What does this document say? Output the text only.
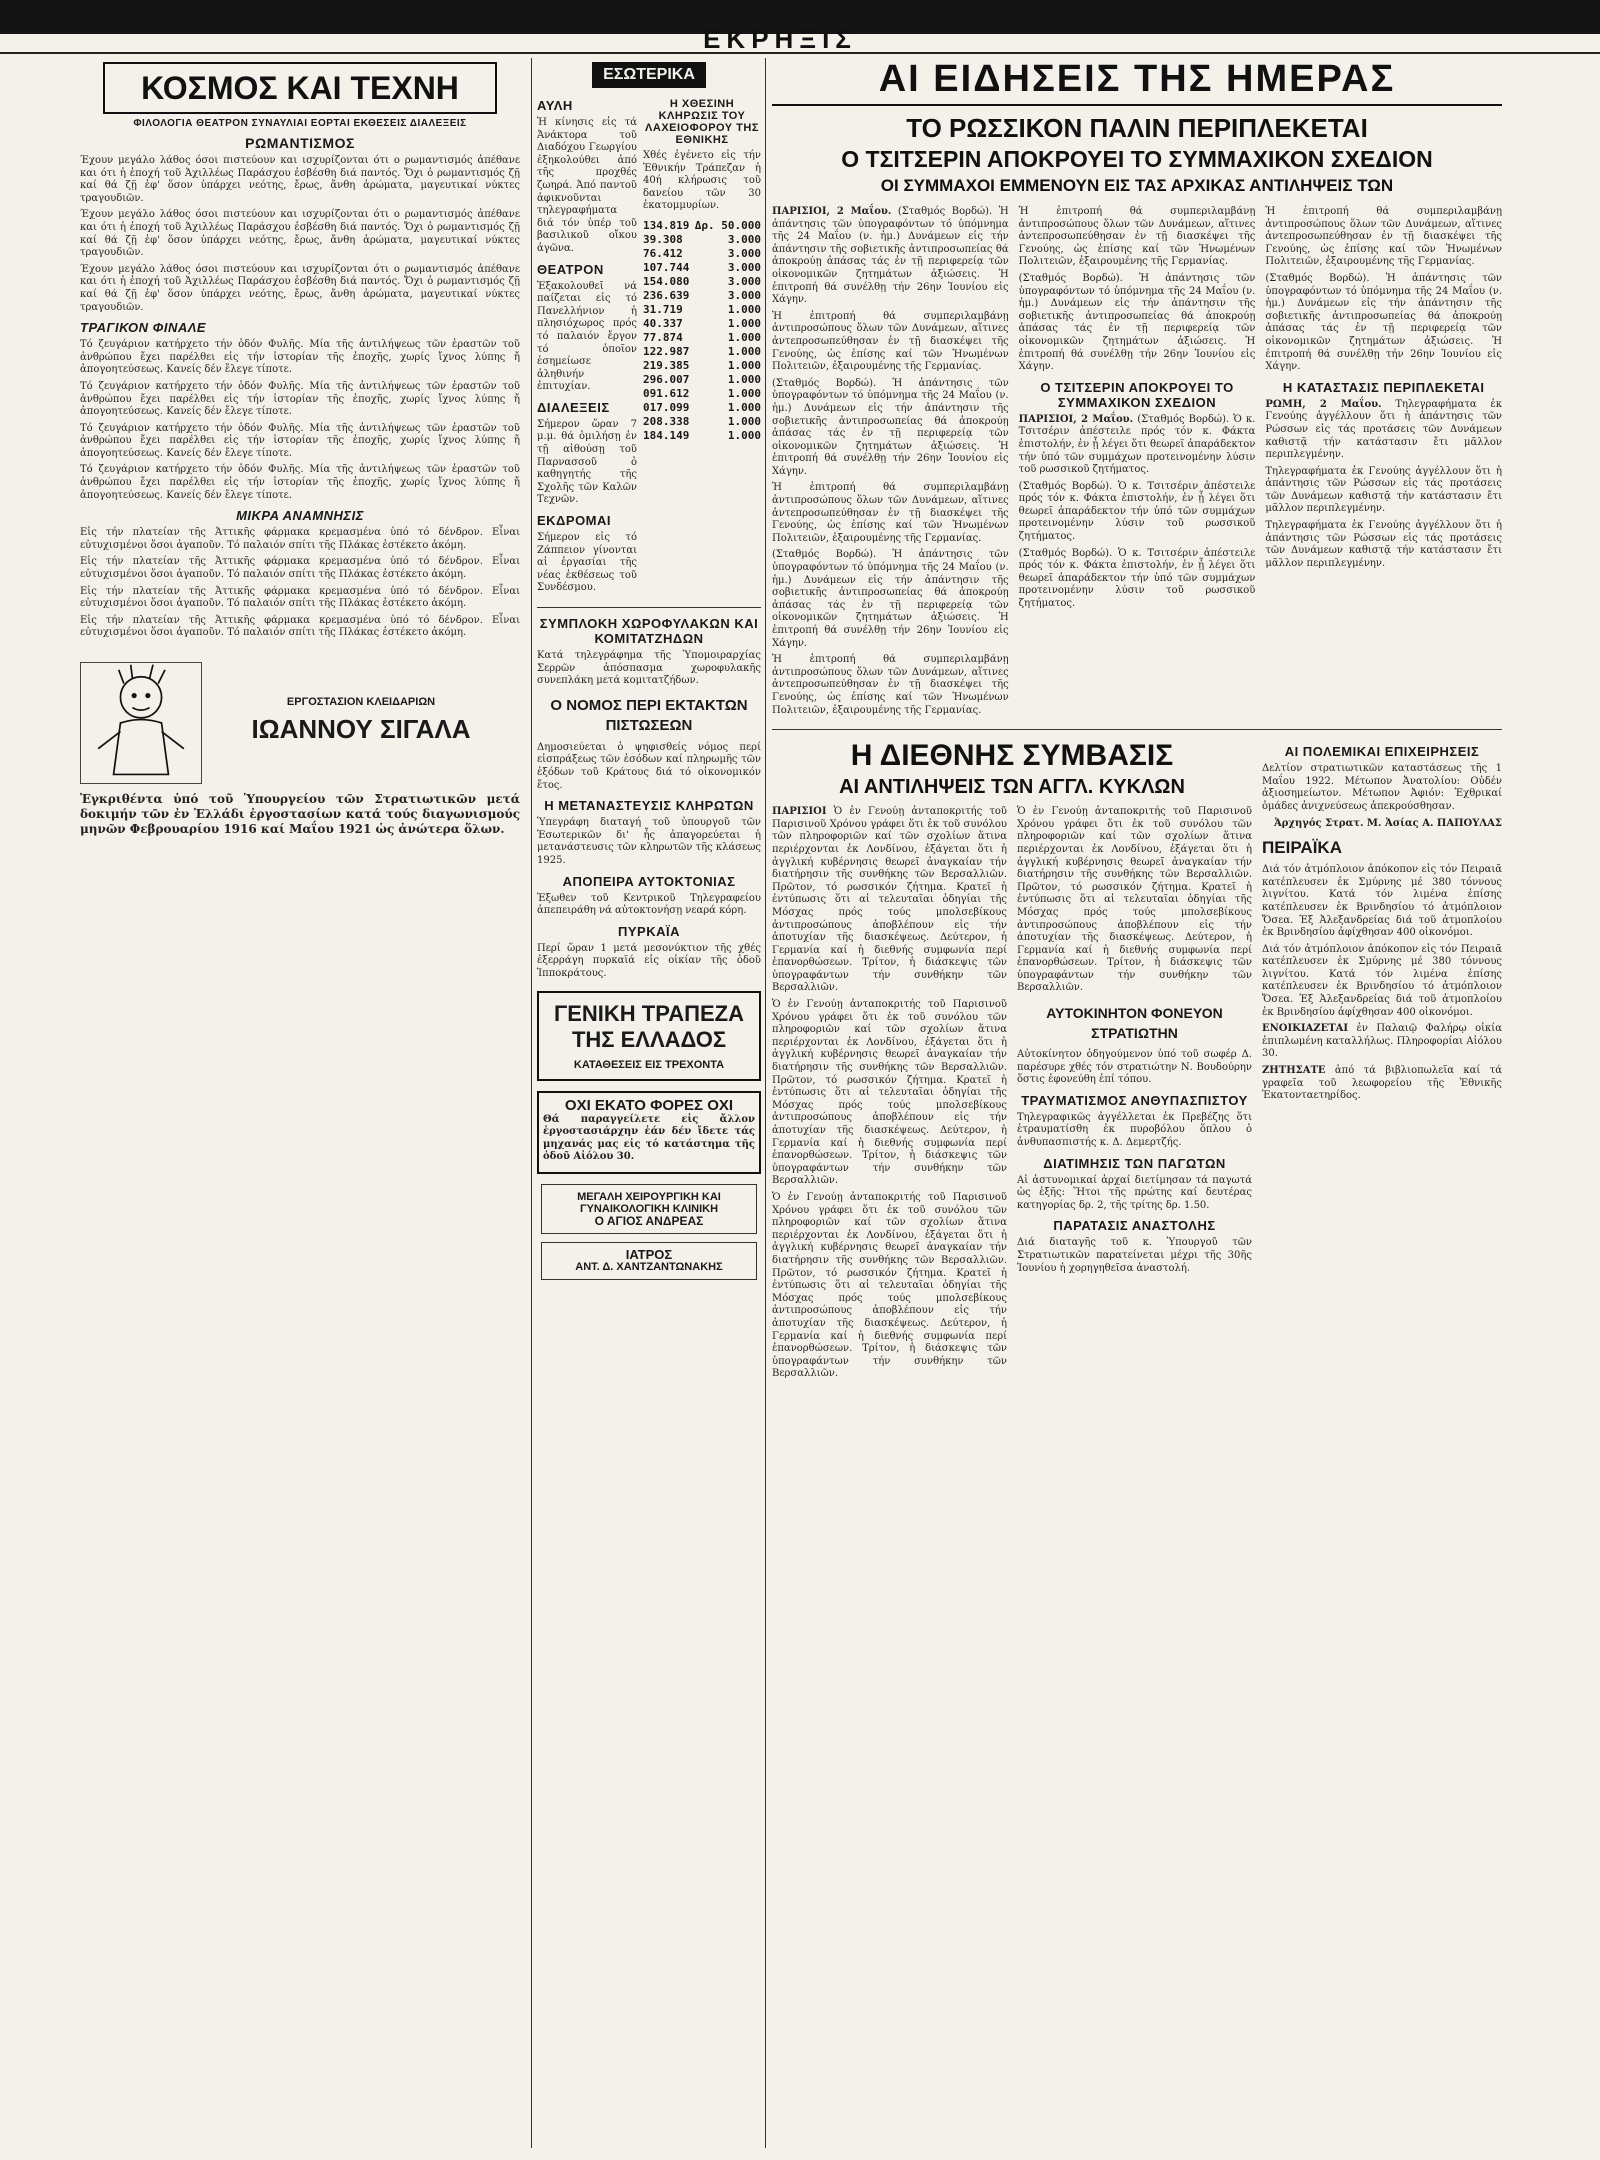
ΕΚΡΗΞΙΣ
ΚΟΣΜΟΣ ΚΑΙ ΤΕΧΝΗ
ΦΙΛΟΛΟΓΙΑ ΘΕΑΤΡΟΝ ΣΥΝΑΥΛΙΑΙ ΕΟΡΤΑΙ ΕΚΘΕΣΕΙΣ ΔΙΑΛΕΞΕΙΣ
ΡΩΜΑΝΤΙΣΜΟΣ

Έχουν μεγάλο λάθος όσοι πιστεύουν και ισχυρίζονται ότι ο ρωμαντισμός ἀπέθανε και ότι ἡ ἐποχή τοῦ Ἀχιλλέως Παράσχου ἐσβέσθη διά παντός. Ὄχι ὁ ρωμαντισμός ζῇ καί θά ζῇ ἐφ' ὅσον ὑπάρχει νεότης, ἔρως, ἄνθη ἀρώματα, μαγευτικαί νύκτες τραγουδιῶν.

Έχουν μεγάλο λάθος όσοι πιστεύουν και ισχυρίζονται ότι ο ρωμαντισμός ἀπέθανε και ότι ἡ ἐποχή τοῦ Ἀχιλλέως Παράσχου ἐσβέσθη διά παντός. Ὄχι ὁ ρωμαντισμός ζῇ καί θά ζῇ ἐφ' ὅσον ὑπάρχει νεότης, ἔρως, ἄνθη ἀρώματα, μαγευτικαί νύκτες τραγουδιῶν.

Έχουν μεγάλο λάθος όσοι πιστεύουν και ισχυρίζονται ότι ο ρωμαντισμός ἀπέθανε και ότι ἡ ἐποχή τοῦ Ἀχιλλέως Παράσχου ἐσβέσθη διά παντός. Ὄχι ὁ ρωμαντισμός ζῇ καί θά ζῇ ἐφ' ὅσον ὑπάρχει νεότης, ἔρως, ἄνθη ἀρώματα, μαγευτικαί νύκτες τραγουδιῶν.

ΤΡΑΓΙΚΟΝ ΦΙΝΑΛΕ

Τό ζευγάριον κατήρχετο τήν ὁδόν Φυλῆς. Μία τῆς ἀντιλήψεως τῶν ἐραστῶν τοῦ ἀνθρώπου ἔχει παρέλθει εἰς τήν ἱστορίαν τῆς ἐποχῆς, χωρίς ἴχνος λύπης ἤ ἀπογοητεύσεως. Κανείς δέν ἔλεγε τίποτε.

Τό ζευγάριον κατήρχετο τήν ὁδόν Φυλῆς. Μία τῆς ἀντιλήψεως τῶν ἐραστῶν τοῦ ἀνθρώπου ἔχει παρέλθει εἰς τήν ἱστορίαν τῆς ἐποχῆς, χωρίς ἴχνος λύπης ἤ ἀπογοητεύσεως. Κανείς δέν ἔλεγε τίποτε.

Τό ζευγάριον κατήρχετο τήν ὁδόν Φυλῆς. Μία τῆς ἀντιλήψεως τῶν ἐραστῶν τοῦ ἀνθρώπου ἔχει παρέλθει εἰς τήν ἱστορίαν τῆς ἐποχῆς, χωρίς ἴχνος λύπης ἤ ἀπογοητεύσεως. Κανείς δέν ἔλεγε τίποτε.

Τό ζευγάριον κατήρχετο τήν ὁδόν Φυλῆς. Μία τῆς ἀντιλήψεως τῶν ἐραστῶν τοῦ ἀνθρώπου ἔχει παρέλθει εἰς τήν ἱστορίαν τῆς ἐποχῆς, χωρίς ἴχνος λύπης ἤ ἀπογοητεύσεως. Κανείς δέν ἔλεγε τίποτε.

ΜΙΚΡΑ ΑΝΑΜΝΗΣΙΣ

Εἰς τήν πλατείαν τῆς Ἀττικῆς φάρμακα κρεμασμένα ὑπό τό δένδρον. Εἶναι εὐτυχισμένοι ὅσοι ἀγαποῦν. Τό παλαιόν σπίτι τῆς Πλάκας ἐστέκετο ἀκόμη.

Εἰς τήν πλατείαν τῆς Ἀττικῆς φάρμακα κρεμασμένα ὑπό τό δένδρον. Εἶναι εὐτυχισμένοι ὅσοι ἀγαποῦν. Τό παλαιόν σπίτι τῆς Πλάκας ἐστέκετο ἀκόμη.

Εἰς τήν πλατείαν τῆς Ἀττικῆς φάρμακα κρεμασμένα ὑπό τό δένδρον. Εἶναι εὐτυχισμένοι ὅσοι ἀγαποῦν. Τό παλαιόν σπίτι τῆς Πλάκας ἐστέκετο ἀκόμη.

Εἰς τήν πλατείαν τῆς Ἀττικῆς φάρμακα κρεμασμένα ὑπό τό δένδρον. Εἶναι εὐτυχισμένοι ὅσοι ἀγαποῦν. Τό παλαιόν σπίτι τῆς Πλάκας ἐστέκετο ἀκόμη.

ΕΡΓΟΣΤΑΣΙΟΝ ΚΛΕΙΔΑΡΙΩΝ
ΙΩΑΝΝΟΥ ΣΙΓΑΛΑ

Ἐγκριθέντα ὑπό τοῦ Ὑπουργείου τῶν Στρατιωτικῶν μετά δοκιμήν τῶν ἐν Ἑλλάδι ἐργοστασίων κατά τούς διαγωνισμούς μηνῶν Φεβρουαρίου 1916 καί Μαΐου 1921 ὡς ἀνώτερα ὅλων.

ΕΣΩΤΕΡΙΚΑ
ΑΥΛΗ

Ἡ κίνησις εἰς τά Ἀνάκτορα τοῦ Διαδόχου Γεωργίου ἐξηκολούθει ἀπό τῆς προχθές ζωηρά. Ἀπό παντοῦ ἀφικνοῦνται τηλεγραφήματα διά τόν ὑπέρ τοῦ βασιλικοῦ οἴκου ἀγῶνα.

ΘΕΑΤΡΟΝ

Ἐξακολουθεῖ νά παίζεται εἰς τό Πανελλήνιον ἡ πλησιόχωρος πρός τό παλαιόν ἔργον τό ὁποῖον ἐσημείωσε ἀληθινήν ἐπιτυχίαν.

ΔΙΑΛΕΞΕΙΣ

Σήμερον ὥραν 7 μ.μ. θά ὁμιλήσῃ ἐν τῇ αἰθούσῃ τοῦ Παρνασσοῦ ὁ καθηγητής τῆς Σχολῆς τῶν Καλῶν Τεχνῶν.

ΕΚΔΡΟΜΑΙ

Σήμερον εἰς τό Ζάππειον γίνονται αἱ ἐργασίαι τῆς νέας ἐκθέσεως τοῦ Συνδέσμου.

Η ΧΘΕΣΙΝΗ ΚΛΗΡΩΣΙΣ ΤΟΥ ΛΑΧΕΙΟΦΟΡΟΥ ΤΗΣ ΕΘΝΙΚΗΣ

Χθές ἐγένετο εἰς τήν Ἐθνικήν Τράπεζαν ἡ 40ή κλήρωσις τοῦ δανείου τῶν 30 ἑκατομμυρίων.

134.819 Δρ. 50.000
39.308	3.000
76.412	3.000
107.744	3.000
154.080	3.000
236.639	3.000
31.719	1.000
40.337	1.000
77.874	1.000
122.987	1.000
219.385	1.000
296.007	1.000
091.612	1.000
017.099	1.000
208.338	1.000
184.149	1.000
ΣΥΜΠΛΟΚΗ ΧΩΡΟΦΥΛΑΚΩΝ ΚΑΙ ΚΟΜΙΤΑΤΖΗΔΩΝ

Κατά τηλεγράφημα τῆς Ὑπομοιραρχίας Σερρῶν ἀπόσπασμα χωροφυλακῆς συνεπλάκη μετά κομιτατζήδων.

Ο ΝΟΜΟΣ ΠΕΡΙ ΕΚΤΑΚΤΩΝ ΠΙΣΤΩΣΕΩΝ

Δημοσιεύεται ὁ ψηφισθείς νόμος περί εἰσπράξεως τῶν ἐσόδων καί πληρωμῆς τῶν ἐξόδων τοῦ Κράτους διά τό οἰκονομικόν ἔτος.

Η ΜΕΤΑΝΑΣΤΕΥΣΙΣ ΚΛΗΡΩΤΩΝ

Ὑπεγράφη διαταγή τοῦ ὑπουργοῦ τῶν Ἐσωτερικῶν δι' ἧς ἀπαγορεύεται ἡ μετανάστευσις τῶν κληρωτῶν τῆς κλάσεως 1925.

ΑΠΟΠΕΙΡΑ ΑΥΤΟΚΤΟΝΙΑΣ

Ἐξωθεν τοῦ Κεντρικοῦ Τηλεγραφείου ἀπεπειράθη νά αὐτοκτονήσῃ νεαρά κόρη.

ΠΥΡΚΑΪΑ

Περί ὥραν 1 μετά μεσονύκτιον τῆς χθές ἐξερράγη πυρκαϊά εἰς οἰκίαν τῆς ὁδοῦ Ἱπποκράτους.

ΓΕΝΙΚΗ ΤΡΑΠΕΖΑ ΤΗΣ ΕΛΛΑΔΟΣ
ΚΑΤΑΘΕΣΕΙΣ ΕΙΣ ΤΡΕΧΟΝΤΑ
ΟΧΙ ΕΚΑΤΟ ΦΟΡΕΣ ΟΧΙ

Θά παραγγείλετε εἰς ἄλλον ἐργοστασιάρχην ἐάν δέν ἴδετε τάς μηχανάς μας εἰς τό κατάστημα τῆς ὁδοῦ Αἰόλου 30.

ΜΕΓΑΛΗ ΧΕΙΡΟΥΡΓΙΚΗ ΚΑΙ ΓΥΝΑΙΚΟΛΟΓΙΚΗ ΚΛΙΝΙΚΗ
Ο ΑΓΙΟΣ ΑΝΔΡΕΑΣ
ΙΑΤΡΟΣ
ΑΝΤ. Δ. ΧΑΝΤΖΑΝΤΩΝΑΚΗΣ
ΑΙ ΕΙΔΗΣΕΙΣ ΤΗΣ ΗΜΕΡΑΣ
ΤΟ ΡΩΣΣΙΚΟΝ ΠΑΛΙΝ ΠΕΡΙΠΛΕΚΕΤΑΙ
Ο ΤΣΙΤΣΕΡΙΝ ΑΠΟΚΡΟΥΕΙ ΤΟ ΣΥΜΜΑΧΙΚΟΝ ΣΧΕΔΙΟΝ
ΟΙ ΣΥΜΜΑΧΟΙ ΕΜΜΕΝΟΥΝ ΕΙΣ ΤΑΣ ΑΡΧΙΚΑΣ ΑΝΤΙΛΗΨΕΙΣ ΤΩΝ

ΠΑΡΙΣΙΟΙ, 2 Μαΐου. (Σταθμός Βορδώ). Ἡ ἀπάντησις τῶν ὑπογραφόντων τό ὑπόμνημα τῆς 24 Μαΐου (ν. ἡμ.) Δυνάμεων εἰς τήν ἀπάντησιν τῆς σοβιετικῆς ἀντιπροσωπείας θά ἀποκρούῃ ἀπάσας τάς ἐν τῇ περιφερείᾳ τῶν οἰκονομικῶν ζητημάτων ἀξιώσεις. Ἡ ἐπιτροπή θά συνέλθῃ τήν 26ην Ἰουνίου εἰς Χάγην.

Ἡ ἐπιτροπή θά συμπεριλαμβάνῃ ἀντιπροσώπους ὅλων τῶν Δυνάμεων, αἵτινες ἀντεπροσωπεύθησαν ἐν τῇ διασκέψει τῆς Γενούης, ὡς ἐπίσης καί τῶν Ἡνωμένων Πολιτειῶν, ἐξαιρουμένης τῆς Γερμανίας.

(Σταθμός Βορδώ). Ἡ ἀπάντησις τῶν ὑπογραφόντων τό ὑπόμνημα τῆς 24 Μαΐου (ν. ἡμ.) Δυνάμεων εἰς τήν ἀπάντησιν τῆς σοβιετικῆς ἀντιπροσωπείας θά ἀποκρούῃ ἀπάσας τάς ἐν τῇ περιφερείᾳ τῶν οἰκονομικῶν ζητημάτων ἀξιώσεις. Ἡ ἐπιτροπή θά συνέλθῃ τήν 26ην Ἰουνίου εἰς Χάγην.

Ἡ ἐπιτροπή θά συμπεριλαμβάνῃ ἀντιπροσώπους ὅλων τῶν Δυνάμεων, αἵτινες ἀντεπροσωπεύθησαν ἐν τῇ διασκέψει τῆς Γενούης, ὡς ἐπίσης καί τῶν Ἡνωμένων Πολιτειῶν, ἐξαιρουμένης τῆς Γερμανίας.

(Σταθμός Βορδώ). Ἡ ἀπάντησις τῶν ὑπογραφόντων τό ὑπόμνημα τῆς 24 Μαΐου (ν. ἡμ.) Δυνάμεων εἰς τήν ἀπάντησιν τῆς σοβιετικῆς ἀντιπροσωπείας θά ἀποκρούῃ ἀπάσας τάς ἐν τῇ περιφερείᾳ τῶν οἰκονομικῶν ζητημάτων ἀξιώσεις. Ἡ ἐπιτροπή θά συνέλθῃ τήν 26ην Ἰουνίου εἰς Χάγην.

Ἡ ἐπιτροπή θά συμπεριλαμβάνῃ ἀντιπροσώπους ὅλων τῶν Δυνάμεων, αἵτινες ἀντεπροσωπεύθησαν ἐν τῇ διασκέψει τῆς Γενούης, ὡς ἐπίσης καί τῶν Ἡνωμένων Πολιτειῶν, ἐξαιρουμένης τῆς Γερμανίας.

Ἡ ἐπιτροπή θά συμπεριλαμβάνῃ ἀντιπροσώπους ὅλων τῶν Δυνάμεων, αἵτινες ἀντεπροσωπεύθησαν ἐν τῇ διασκέψει τῆς Γενούης, ὡς ἐπίσης καί τῶν Ἡνωμένων Πολιτειῶν, ἐξαιρουμένης τῆς Γερμανίας.

(Σταθμός Βορδώ). Ἡ ἀπάντησις τῶν ὑπογραφόντων τό ὑπόμνημα τῆς 24 Μαΐου (ν. ἡμ.) Δυνάμεων εἰς τήν ἀπάντησιν τῆς σοβιετικῆς ἀντιπροσωπείας θά ἀποκρούῃ ἀπάσας τάς ἐν τῇ περιφερείᾳ τῶν οἰκονομικῶν ζητημάτων ἀξιώσεις. Ἡ ἐπιτροπή θά συνέλθῃ τήν 26ην Ἰουνίου εἰς Χάγην.

Ο ΤΣΙΤΣΕΡΙΝ ΑΠΟΚΡΟΥΕΙ ΤΟ ΣΥΜΜΑΧΙΚΟΝ ΣΧΕΔΙΟΝ

ΠΑΡΙΣΙΟΙ, 2 Μαΐου. (Σταθμός Βορδώ). Ὁ κ. Τσιτσέριν ἀπέστειλε πρός τόν κ. Φάκτα ἐπιστολήν, ἐν ᾗ λέγει ὅτι θεωρεῖ ἀπαράδεκτον τήν ὑπό τῶν συμμάχων προτεινομένην λύσιν τοῦ ρωσσικοῦ ζητήματος.

(Σταθμός Βορδώ). Ὁ κ. Τσιτσέριν ἀπέστειλε πρός τόν κ. Φάκτα ἐπιστολήν, ἐν ᾗ λέγει ὅτι θεωρεῖ ἀπαράδεκτον τήν ὑπό τῶν συμμάχων προτεινομένην λύσιν τοῦ ρωσσικοῦ ζητήματος.

(Σταθμός Βορδώ). Ὁ κ. Τσιτσέριν ἀπέστειλε πρός τόν κ. Φάκτα ἐπιστολήν, ἐν ᾗ λέγει ὅτι θεωρεῖ ἀπαράδεκτον τήν ὑπό τῶν συμμάχων προτεινομένην λύσιν τοῦ ρωσσικοῦ ζητήματος.

Ἡ ἐπιτροπή θά συμπεριλαμβάνῃ ἀντιπροσώπους ὅλων τῶν Δυνάμεων, αἵτινες ἀντεπροσωπεύθησαν ἐν τῇ διασκέψει τῆς Γενούης, ὡς ἐπίσης καί τῶν Ἡνωμένων Πολιτειῶν, ἐξαιρουμένης τῆς Γερμανίας.

(Σταθμός Βορδώ). Ἡ ἀπάντησις τῶν ὑπογραφόντων τό ὑπόμνημα τῆς 24 Μαΐου (ν. ἡμ.) Δυνάμεων εἰς τήν ἀπάντησιν τῆς σοβιετικῆς ἀντιπροσωπείας θά ἀποκρούῃ ἀπάσας τάς ἐν τῇ περιφερείᾳ τῶν οἰκονομικῶν ζητημάτων ἀξιώσεις. Ἡ ἐπιτροπή θά συνέλθῃ τήν 26ην Ἰουνίου εἰς Χάγην.

Η ΚΑΤΑΣΤΑΣΙΣ ΠΕΡΙΠΛΕΚΕΤΑΙ

ΡΩΜΗ, 2 Μαΐου. Τηλεγραφήματα ἐκ Γενούης ἀγγέλλουν ὅτι ἡ ἀπάντησις τῶν Ρώσσων εἰς τάς προτάσεις τῶν Δυνάμεων καθιστᾷ τήν κατάστασιν ἔτι μᾶλλον περιπλεγμένην.

Τηλεγραφήματα ἐκ Γενούης ἀγγέλλουν ὅτι ἡ ἀπάντησις τῶν Ρώσσων εἰς τάς προτάσεις τῶν Δυνάμεων καθιστᾷ τήν κατάστασιν ἔτι μᾶλλον περιπλεγμένην.

Τηλεγραφήματα ἐκ Γενούης ἀγγέλλουν ὅτι ἡ ἀπάντησις τῶν Ρώσσων εἰς τάς προτάσεις τῶν Δυνάμεων καθιστᾷ τήν κατάστασιν ἔτι μᾶλλον περιπλεγμένην.

Η ΔΙΕΘΝΗΣ ΣΥΜΒΑΣΙΣ
ΑΙ ΑΝΤΙΛΗΨΕΙΣ ΤΩΝ ΑΓΓΛ. ΚΥΚΛΩΝ

ΠΑΡΙΣΙΟΙ Ὁ ἐν Γενούῃ ἀνταποκριτής τοῦ Παρισινοῦ Χρόνου γράφει ὅτι ἐκ τοῦ συνόλου τῶν πληροφοριῶν καί τῶν σχολίων ἅτινα περιέρχονται ἐκ Λονδίνου, ἐξάγεται ὅτι ἡ ἀγγλική κυβέρνησις θεωρεῖ ἀναγκαίαν τήν διατήρησιν τῆς συνθήκης τῶν Βερσαλλιῶν. Πρῶτον, τό ρωσσικόν ζήτημα. Κρατεῖ ἡ ἐντύπωσις ὅτι αἱ τελευταῖαι ὁδηγίαι τῆς Μόσχας πρός τούς μπολσεβίκους ἀντιπροσώπους ἀποβλέπουν εἰς τήν ἀποτυχίαν τῆς διασκέψεως. Δεύτερον, ἡ Γερμανία καί ἡ διεθνής συμφωνία περί ἐπανορθώσεων. Τρίτον, ἡ διάσκεψις τῶν ὑπογραφάντων τήν συνθήκην τῶν Βερσαλλιῶν.

Ὁ ἐν Γενούῃ ἀνταποκριτής τοῦ Παρισινοῦ Χρόνου γράφει ὅτι ἐκ τοῦ συνόλου τῶν πληροφοριῶν καί τῶν σχολίων ἅτινα περιέρχονται ἐκ Λονδίνου, ἐξάγεται ὅτι ἡ ἀγγλική κυβέρνησις θεωρεῖ ἀναγκαίαν τήν διατήρησιν τῆς συνθήκης τῶν Βερσαλλιῶν. Πρῶτον, τό ρωσσικόν ζήτημα. Κρατεῖ ἡ ἐντύπωσις ὅτι αἱ τελευταῖαι ὁδηγίαι τῆς Μόσχας πρός τούς μπολσεβίκους ἀντιπροσώπους ἀποβλέπουν εἰς τήν ἀποτυχίαν τῆς διασκέψεως. Δεύτερον, ἡ Γερμανία καί ἡ διεθνής συμφωνία περί ἐπανορθώσεων. Τρίτον, ἡ διάσκεψις τῶν ὑπογραφάντων τήν συνθήκην τῶν Βερσαλλιῶν.

Ὁ ἐν Γενούῃ ἀνταποκριτής τοῦ Παρισινοῦ Χρόνου γράφει ὅτι ἐκ τοῦ συνόλου τῶν πληροφοριῶν καί τῶν σχολίων ἅτινα περιέρχονται ἐκ Λονδίνου, ἐξάγεται ὅτι ἡ ἀγγλική κυβέρνησις θεωρεῖ ἀναγκαίαν τήν διατήρησιν τῆς συνθήκης τῶν Βερσαλλιῶν. Πρῶτον, τό ρωσσικόν ζήτημα. Κρατεῖ ἡ ἐντύπωσις ὅτι αἱ τελευταῖαι ὁδηγίαι τῆς Μόσχας πρός τούς μπολσεβίκους ἀντιπροσώπους ἀποβλέπουν εἰς τήν ἀποτυχίαν τῆς διασκέψεως. Δεύτερον, ἡ Γερμανία καί ἡ διεθνής συμφωνία περί ἐπανορθώσεων. Τρίτον, ἡ διάσκεψις τῶν ὑπογραφάντων τήν συνθήκην τῶν Βερσαλλιῶν.

Ὁ ἐν Γενούῃ ἀνταποκριτής τοῦ Παρισινοῦ Χρόνου γράφει ὅτι ἐκ τοῦ συνόλου τῶν πληροφοριῶν καί τῶν σχολίων ἅτινα περιέρχονται ἐκ Λονδίνου, ἐξάγεται ὅτι ἡ ἀγγλική κυβέρνησις θεωρεῖ ἀναγκαίαν τήν διατήρησιν τῆς συνθήκης τῶν Βερσαλλιῶν. Πρῶτον, τό ρωσσικόν ζήτημα. Κρατεῖ ἡ ἐντύπωσις ὅτι αἱ τελευταῖαι ὁδηγίαι τῆς Μόσχας πρός τούς μπολσεβίκους ἀντιπροσώπους ἀποβλέπουν εἰς τήν ἀποτυχίαν τῆς διασκέψεως. Δεύτερον, ἡ Γερμανία καί ἡ διεθνής συμφωνία περί ἐπανορθώσεων. Τρίτον, ἡ διάσκεψις τῶν ὑπογραφάντων τήν συνθήκην τῶν Βερσαλλιῶν.

ΑΥΤΟΚΙΝΗΤΟΝ ΦΟΝΕΥΟΝ ΣΤΡΑΤΙΩΤΗΝ

Αὐτοκίνητον ὁδηγούμενον ὑπό τοῦ σωφέρ Δ. παρέσυρε χθές τόν στρατιώτην Ν. Βουδούρην ὅστις ἐφονεύθη ἐπί τόπου.

ΤΡΑΥΜΑΤΙΣΜΟΣ ΑΝΘΥΠΑΣΠΙΣΤΟΥ

Τηλεγραφικῶς ἀγγέλλεται ἐκ Πρεβέζης ὅτι ἐτραυματίσθη ἐκ πυροβόλου ὅπλου ὁ ἀνθυπασπιστής κ. Δ. Δεμερτζής.

ΔΙΑΤΙΜΗΣΙΣ ΤΩΝ ΠΑΓΩΤΩΝ

Αἱ ἀστυνομικαί ἀρχαί διετίμησαν τά παγωτά ὡς ἑξῆς: Ἥτοι τῆς πρώτης καί δευτέρας κατηγορίας δρ. 2, τῆς τρίτης δρ. 1.50.

ΠΑΡΑΤΑΣΙΣ ΑΝΑΣΤΟΛΗΣ

Διά διαταγῆς τοῦ κ. Ὑπουργοῦ τῶν Στρατιωτικῶν παρατείνεται μέχρι τῆς 30ῆς Ἰουνίου ἡ χορηγηθεῖσα ἀναστολή.

ΑΙ ΠΟΛΕΜΙΚΑΙ ΕΠΙΧΕΙΡΗΣΕΙΣ

Δελτίον στρατιωτικῶν καταστάσεως τῆς 1 Μαΐου 1922. Μέτωπον Ἀνατολίου: Οὐδέν ἀξιοσημείωτον. Μέτωπον Ἀφιόν: Ἐχθρικαί ὁμάδες ἀνιχνεύσεως ἀπεκρούσθησαν.

Ἀρχηγός Στρατ. Μ. Ἀσίας Α. ΠΑΠΟΥΛΑΣ

ΠΕΙΡΑΪΚΑ

Διά τόν ἀτμόπλοιον ἀπόκοπον εἰς τόν Πειραιᾶ κατέπλευσεν ἐκ Σμύρνης μέ 380 τόννους λιγνίτου. Κατά τόν λιμένα ἐπίσης κατέπλευσεν ἐκ Βρινδησίου τό ἀτμόπλοιον Ὄσεα. Ἐξ Ἀλεξανδρείας διά τοῦ ἀτμοπλοίου ἐκ Βρινδησίου ἀφίχθησαν 400 οἰκονόμοι.

Διά τόν ἀτμόπλοιον ἀπόκοπον εἰς τόν Πειραιᾶ κατέπλευσεν ἐκ Σμύρνης μέ 380 τόννους λιγνίτου. Κατά τόν λιμένα ἐπίσης κατέπλευσεν ἐκ Βρινδησίου τό ἀτμόπλοιον Ὄσεα. Ἐξ Ἀλεξανδρείας διά τοῦ ἀτμοπλοίου ἐκ Βρινδησίου ἀφίχθησαν 400 οἰκονόμοι.

ΕΝΟΙΚΙΑΖΕΤΑΙ ἐν Παλαιῷ Φαλήρῳ οἰκία ἐπιπλωμένη καταλλήλως. Πληροφορίαι Αἰόλου 30.

ΖΗΤΗΣΑΤΕ ἀπό τά βιβλιοπωλεῖα καί τά γραφεῖα τοῦ λεωφορείου τῆς Ἐθνικῆς Ἐκατονταετηρίδος.
